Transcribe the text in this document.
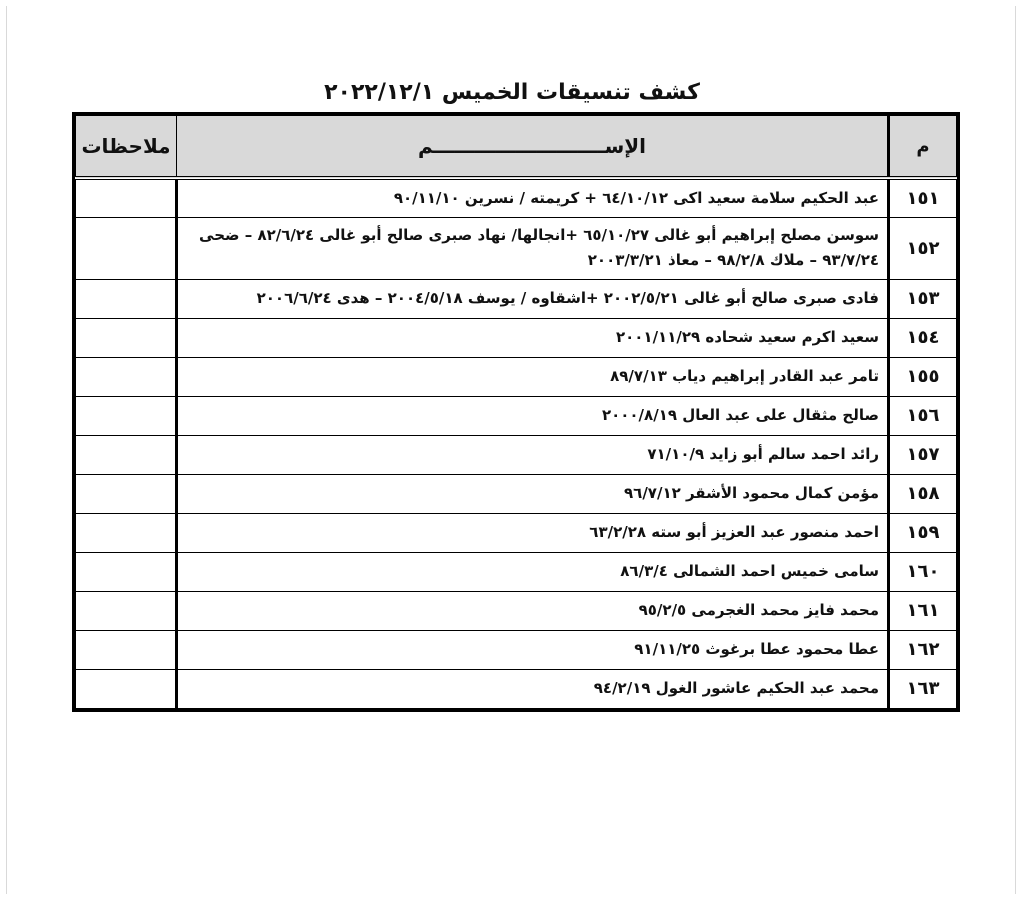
كشف تنسيقات الخميس ٢٠٢٢/١٢/١
م	الإســـــــــــــــــــــــــم	ملاحظات
١٥١	عبد الحكيم سلامة سعيد اكى ٦٤/١٠/١٢ + كريمته / نسرين ٩٠/١١/١٠	
١٥٢	سوسن مصلح إبراهيم أبو غالى ٦٥/١٠/٢٧ +انجالها/ نهاد صبرى صالح أبو غالى ٨٢/٦/٢٤ – ضحى ٩٣/٧/٢٤ – ملاك ٩٨/٢/٨ – معاذ ٢٠٠٣/٣/٢١	
١٥٣	فادى صبرى صالح أبو غالى ٢٠٠٢/٥/٢١ +اشقاوه / يوسف ٢٠٠٤/٥/١٨ – هدى ٢٠٠٦/٦/٢٤	
١٥٤	سعيد اكرم سعيد شحاده ٢٠٠١/١١/٢٩	
١٥٥	تامر عبد القادر إبراهيم دياب ٨٩/٧/١٣	
١٥٦	صالح مثقال على عبد العال ٢٠٠٠/٨/١٩	
١٥٧	رائد احمد سالم أبو زايد ٧١/١٠/٩	
١٥٨	مؤمن كمال محمود الأشقر ٩٦/٧/١٢	
١٥٩	احمد منصور عبد العزيز أبو سته ٦٣/٢/٢٨	
١٦٠	سامى خميس احمد الشمالى ٨٦/٣/٤	
١٦١	محمد فايز محمد الغجرمى ٩٥/٢/٥	
١٦٢	عطا محمود عطا برغوث ٩١/١١/٢٥	
١٦٣	محمد عبد الحكيم عاشور الغول ٩٤/٢/١٩	
